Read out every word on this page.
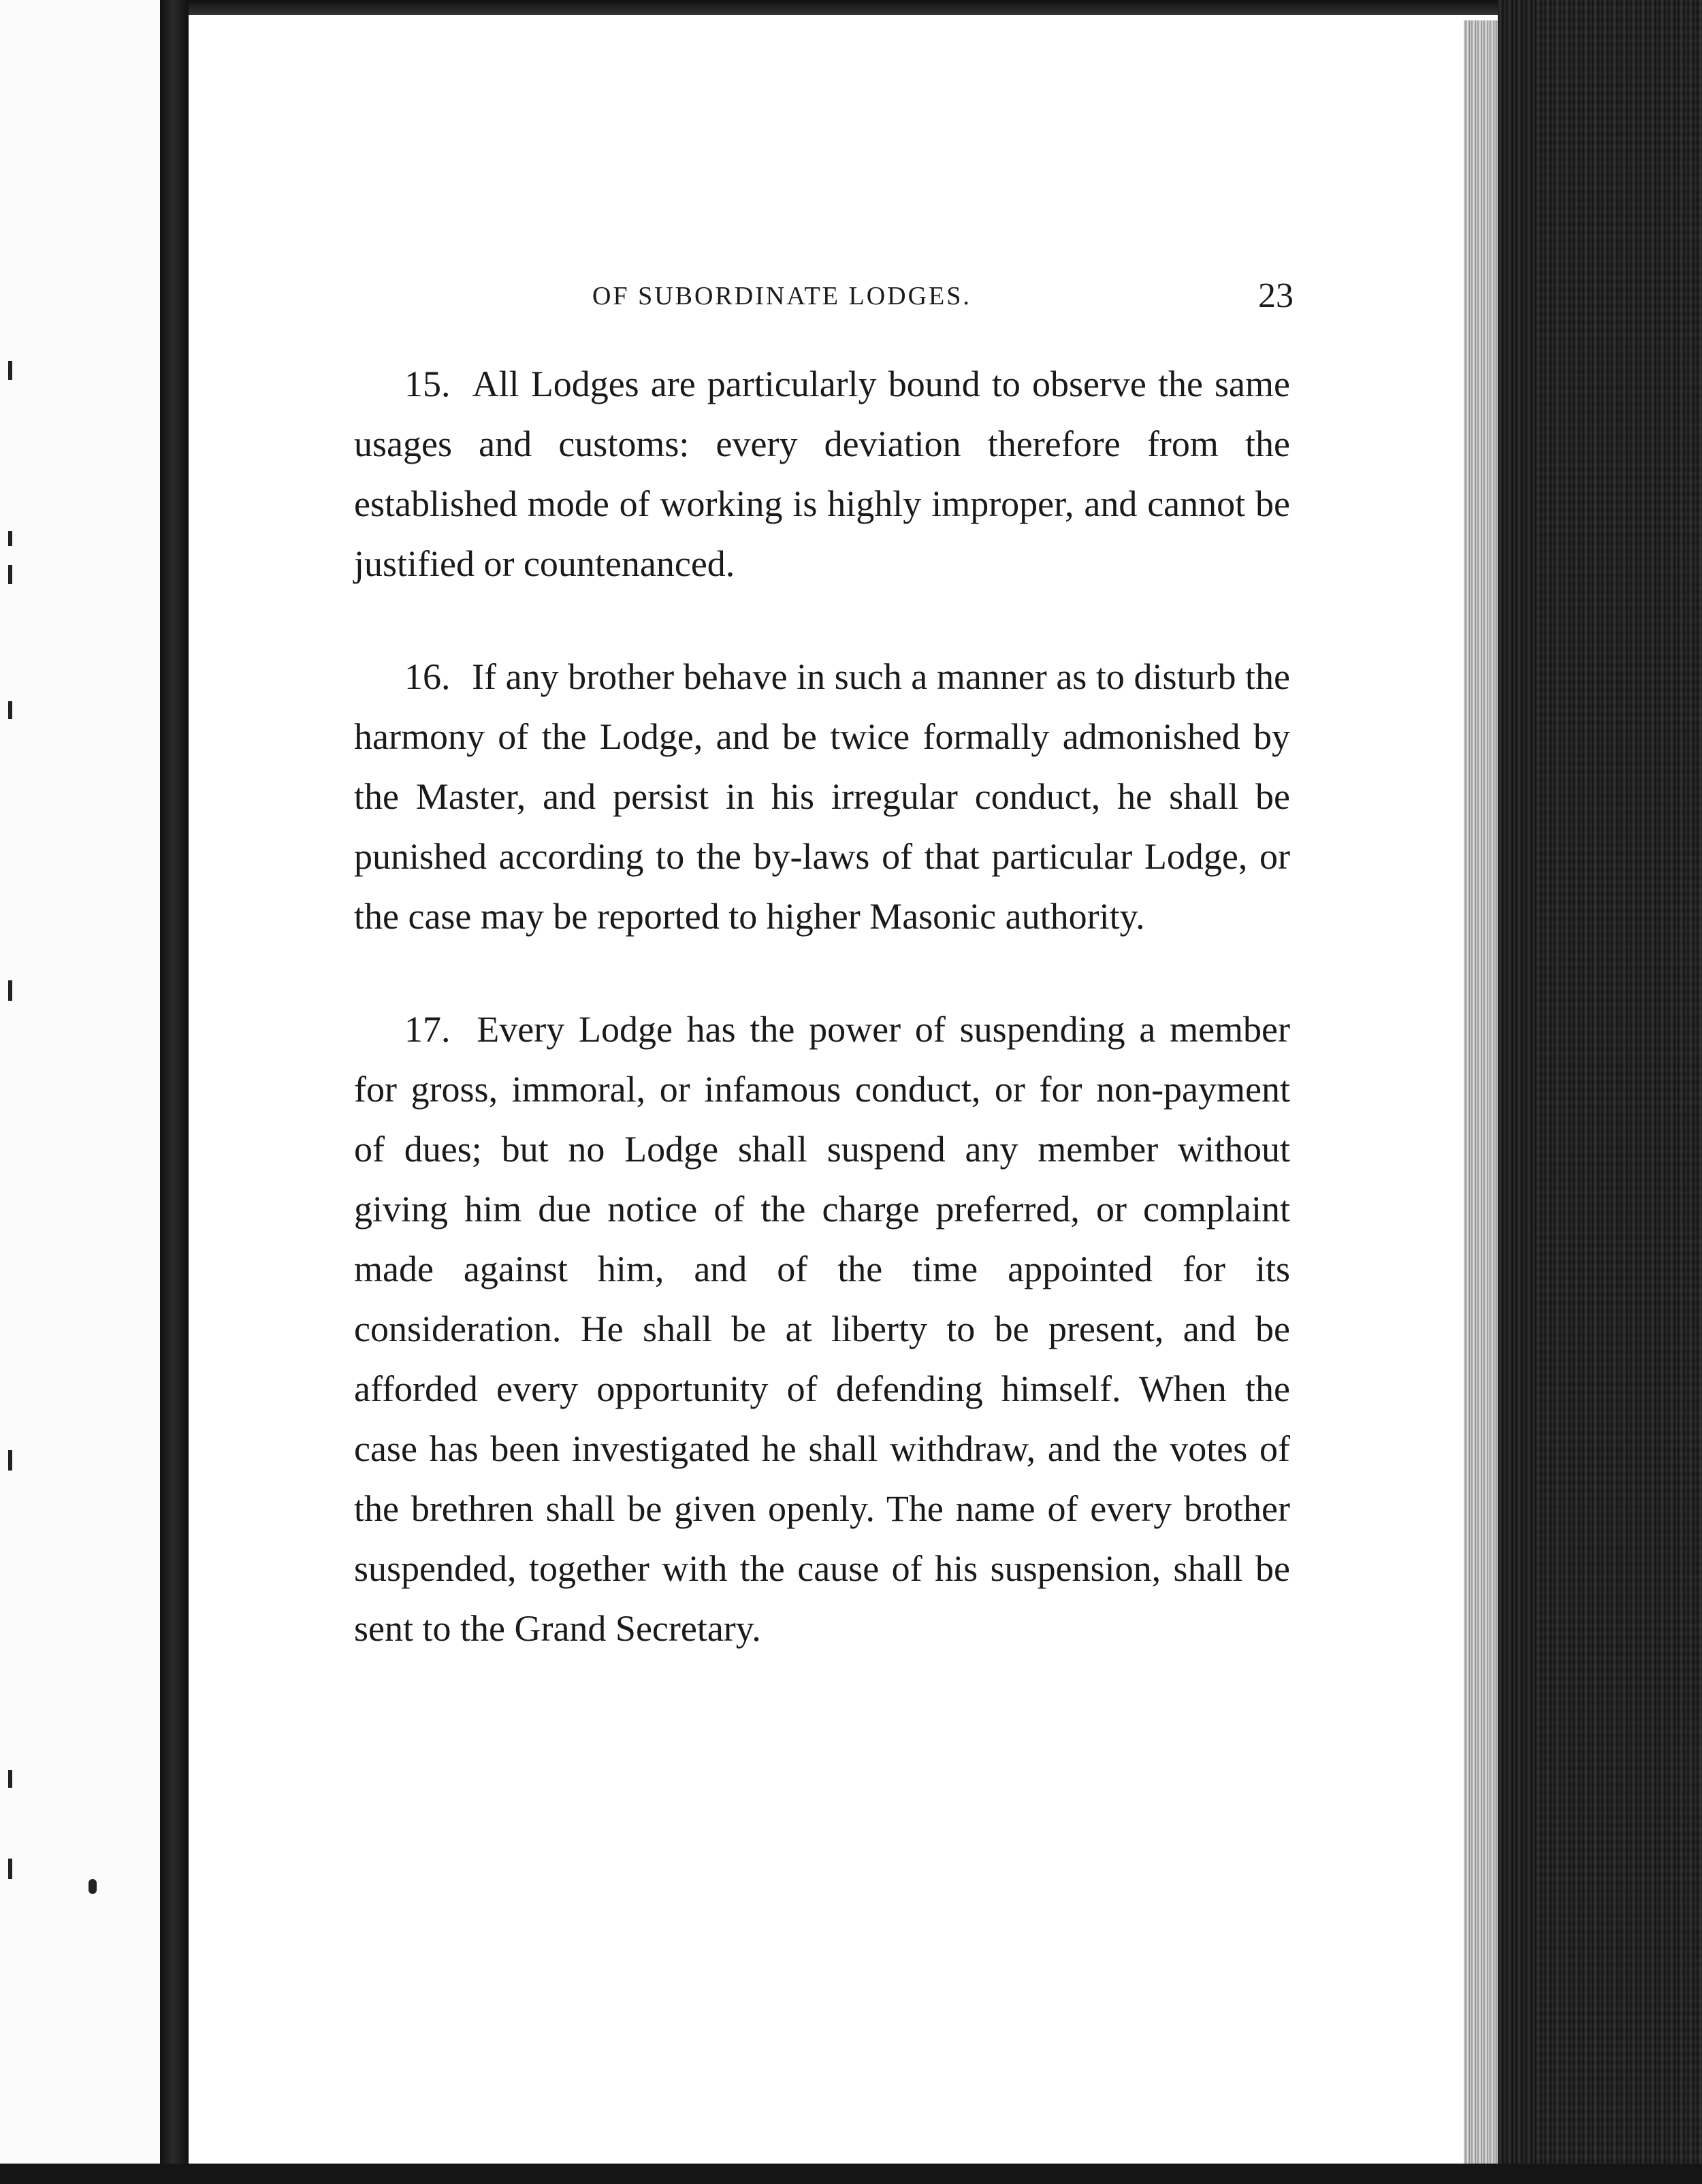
OF SUBORDINATE LODGES.	23

15. All Lodges are particularly bound to observe the same usages and customs: every deviation therefore from the established mode of working is highly improper, and cannot be justified or countenanced.

16. If any brother behave in such a manner as to disturb the harmony of the Lodge, and be twice formally admonished by the Master, and persist in his irregular conduct, he shall be punished according to the by-laws of that particular Lodge, or the case may be reported to higher Masonic authority.

17. Every Lodge has the power of suspending a member for gross, immoral, or infamous conduct, or for non-payment of dues; but no Lodge shall suspend any member without giving him due notice of the charge preferred, or complaint made against him, and of the time appointed for its consideration. He shall be at liberty to be present, and be afforded every opportunity of defending himself. When the case has been investigated he shall withdraw, and the votes of the brethren shall be given openly. The name of every brother suspended, together with the cause of his suspension, shall be sent to the Grand Secretary.
